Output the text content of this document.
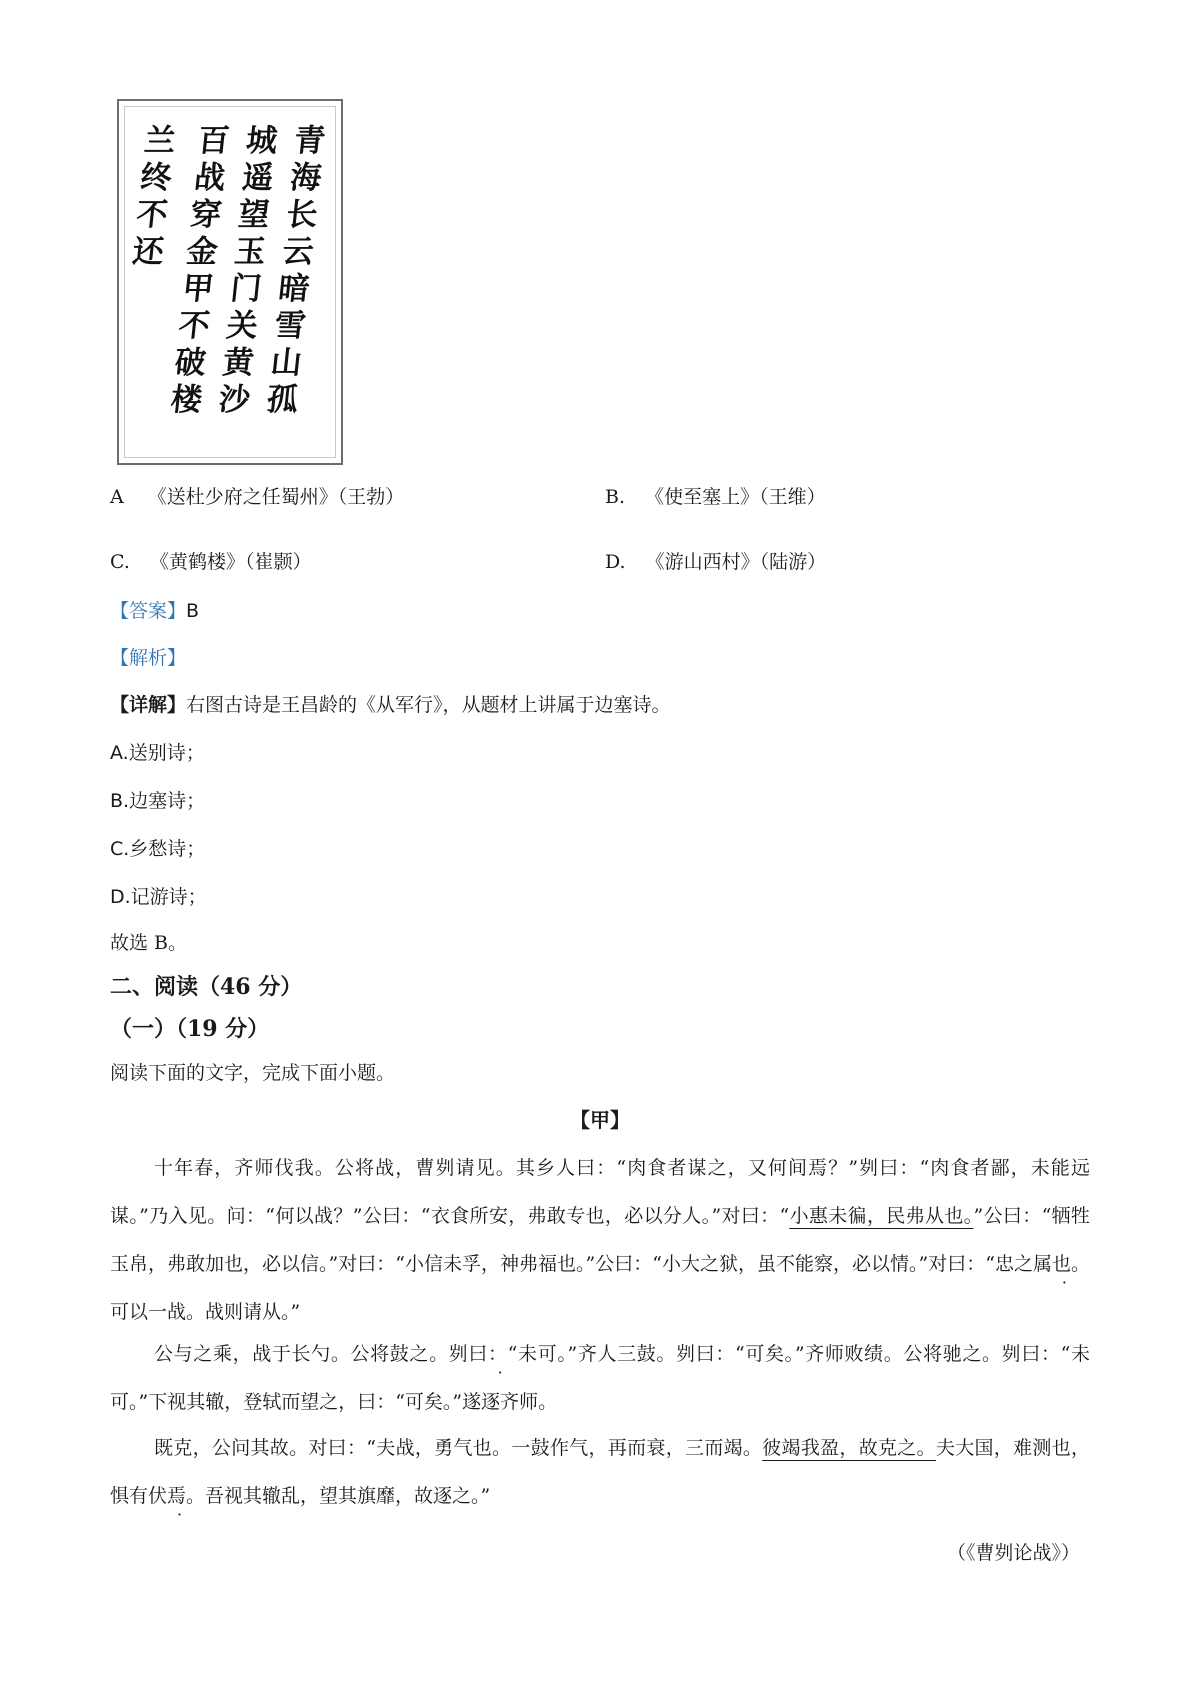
青海长云暗雪山孤
城遥望玉门关黄沙
百战穿金甲不破楼
兰终不还
A 《送杜少府之任蜀州》（王勃）	B. 《使至塞上》（王维）
C. 《黄鹤楼》（崔颢）	D. 《游山西村》（陆游）
【答案】B
【解析】
【详解】右图古诗是王昌龄的《从军行》，从题材上讲属于边塞诗。
A.送别诗；
B.边塞诗；
C.乡愁诗；
D.记游诗；
故选 B。
二、阅读（46 分）
（一）（19 分）
阅读下面的文字，完成下面小题。
【甲】
十年春，齐师伐我。公将战，曹刿请见。其乡人曰：“肉食者谋之，又何间焉？”刿曰：“肉食者鄙，未能远谋。”乃入见。问：“何以战？”公曰：“衣食所安，弗敢专也，必以分人。”对曰：“小惠未徧，民弗从也。”公曰：“牺牲玉帛，弗敢加也，必以信。”对曰：“小信未孚，神弗福也。”公曰：“小大之狱，虽不能察，必以情。”对曰：“忠之属也。可以一战。战则请从。”
公与之乘，战于长勺。公将鼓之。刿曰：“未可。”齐人三鼓。刿曰：“可矣。”齐师败绩。公将驰之。刿曰：“未可。”下视其辙，登轼而望之，曰：“可矣。”遂逐齐师。
既克，公问其故。对曰：“夫战，勇气也。一鼓作气，再而衰，三而竭。彼竭我盈，故克之。夫大国，难测也，惧有伏焉。吾视其辙乱，望其旗靡，故逐之。”
（《曹刿论战》）
